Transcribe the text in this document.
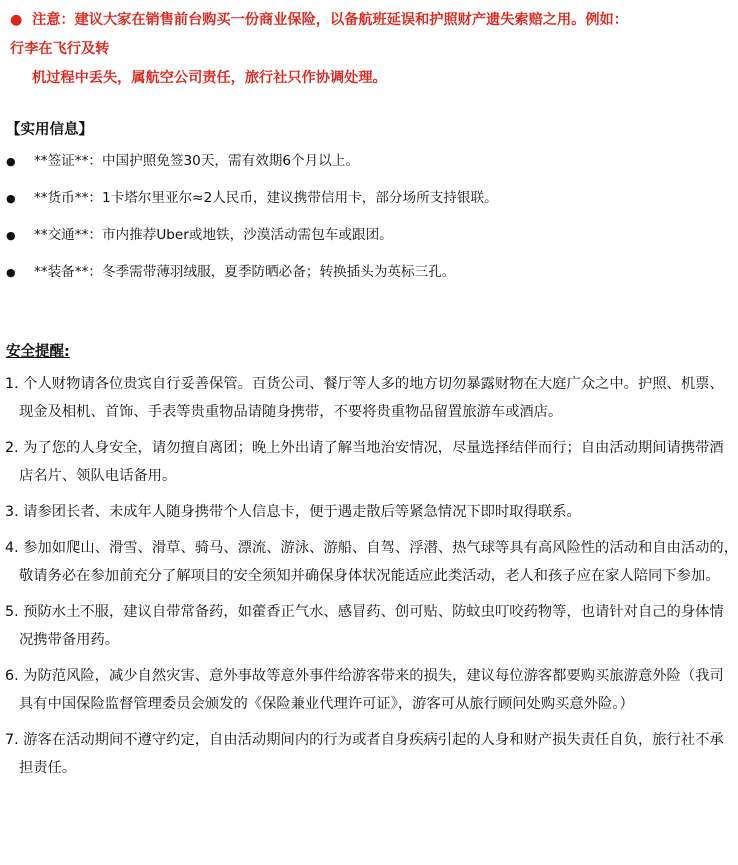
● 注意：建议大家在销售前台购买一份商业保险，以备航班延误和护照财产遗失索赔之用。例如：行李在飞行及转
机过程中丢失，属航空公司责任，旅行社只作协调处理。
【实用信息】
● **签证**：中国护照免签30天，需有效期6个月以上。
● **货币**：1卡塔尔里亚尔≈2人民币，建议携带信用卡，部分场所支持银联。
● **交通**：市内推荐Uber或地铁，沙漠活动需包车或跟团。
● **装备**：冬季需带薄羽绒服，夏季防晒必备；转换插头为英标三孔。
安全提醒:
1. 个人财物请各位贵宾自行妥善保管。百货公司、餐厅等人多的地方切勿暴露财物在大庭广众之中。护照、机票、
现金及相机、首饰、手表等贵重物品请随身携带，不要将贵重物品留置旅游车或酒店。
2. 为了您的人身安全，请勿擅自离团；晚上外出请了解当地治安情况，尽量选择结伴而行；自由活动期间请携带酒
店名片、领队电话备用。
3. 请参团长者、未成年人随身携带个人信息卡，便于遇走散后等紧急情况下即时取得联系。
4. 参加如爬山、滑雪、滑草、骑马、漂流、游泳、游船、自驾、浮潜、热气球等具有高风险性的活动和自由活动的，
敬请务必在参加前充分了解项目的安全须知并确保身体状况能适应此类活动，老人和孩子应在家人陪同下参加。
5. 预防水土不服，建议自带常备药，如藿香正气水、感冒药、创可贴、防蚊虫叮咬药物等，也请针对自己的身体情
况携带备用药。
6. 为防范风险，减少自然灾害、意外事故等意外事件给游客带来的损失，建议每位游客都要购买旅游意外险（我司
具有中国保险监督管理委员会颁发的《保险兼业代理许可证》，游客可从旅行顾问处购买意外险。）
7. 游客在活动期间不遵守约定，自由活动期间内的行为或者自身疾病引起的人身和财产损失责任自负，旅行社不承
担责任。
